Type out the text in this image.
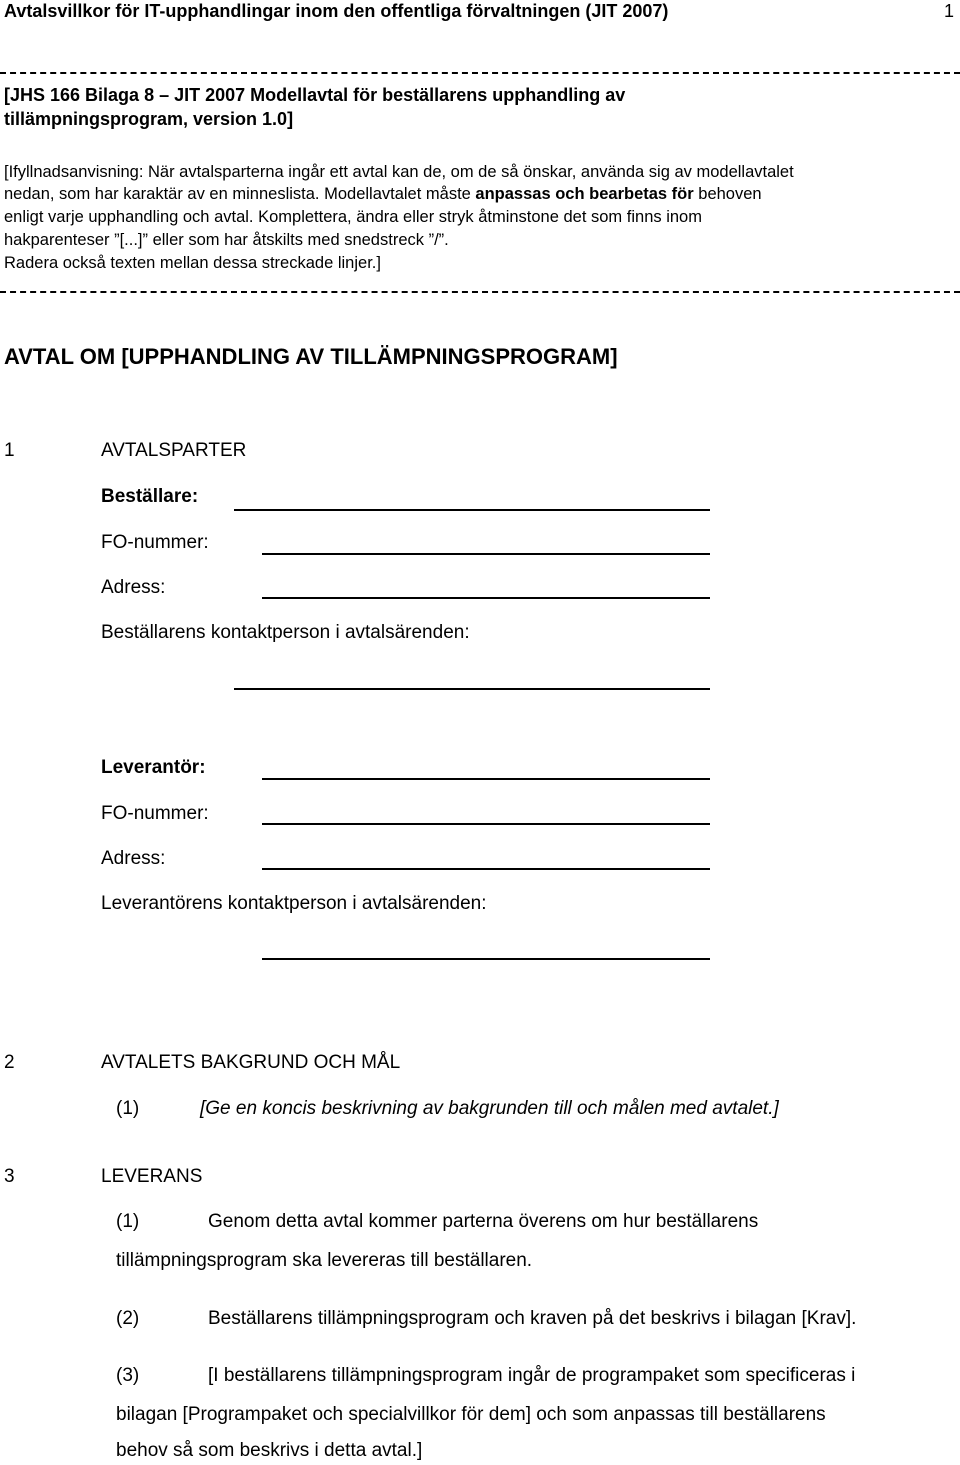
Avtalsvillkor för IT-upphandlingar inom den offentliga förvaltningen (JIT 2007)	1
[JHS 166 Bilaga 8 – JIT 2007 Modellavtal för beställarens upphandling av
tillämpningsprogram, version 1.0]
[Ifyllnadsanvisning: När avtalsparterna ingår ett avtal kan de, om de så önskar, använda sig av modellavtalet
nedan, som har karaktär av en minneslista. Modellavtalet måste anpassas och bearbetas för behoven
enligt varje upphandling och avtal. Komplettera, ändra eller stryk åtminstone det som finns inom
hakparenteser ”[...]” eller som har åtskilts med snedstreck ”/”.
Radera också texten mellan dessa streckade linjer.]
AVTAL OM [UPPHANDLING AV TILLÄMPNINGSPROGRAM]
1	AVTALSPARTER
Beställare:
FO-nummer:
Adress:
Beställarens kontaktperson i avtalsärenden:
Leverantör:
FO-nummer:
Adress:
Leverantörens kontaktperson i avtalsärenden:
2	AVTALETS BAKGRUND OCH MÅL
(1)	[Ge en koncis beskrivning av bakgrunden till och målen med avtalet.]
3	LEVERANS
(1)	Genom detta avtal kommer parterna överens om hur beställarens
tillämpningsprogram ska levereras till beställaren.
(2)	Beställarens tillämpningsprogram och kraven på det beskrivs i bilagan [Krav].
(3)	[I beställarens tillämpningsprogram ingår de programpaket som specificeras i
bilagan [Programpaket och specialvillkor för dem] och som anpassas till beställarens
behov så som beskrivs i detta avtal.]
